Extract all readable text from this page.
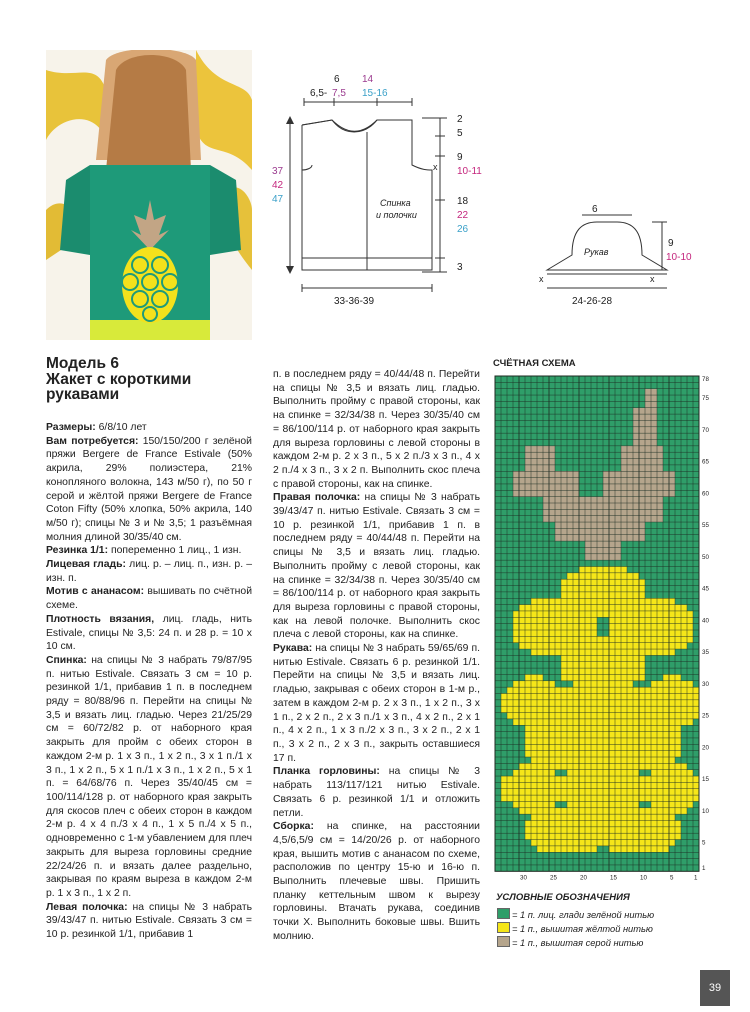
6 14
6,5- 7,5 15-16
2
5
9
10-11
18
22
26
3
37
42
47
33-36-39
Спинка
и полочки
x
6
Рукав
9
10-10
24-26-28
x	x
Модель 6
Жакет с короткими
рукавами

Размеры: 6/8/10 лет

Вам потребуется: 150/150/200 г зелёной пряжи Bergere de France Estivale (50% акрила, 29% полиэстера, 21% конопляного волокна, 143 м/50 г), по 50 г серой и жёлтой пряжи Bergere de France Coton Fifty (50% хлопка, 50% акрила, 140 м/50 г); спицы № 3 и № 3,5; 1 разъёмная молния длиной 30/35/40 см.

Резинка 1/1: попеременно 1 лиц., 1 изн.

Лицевая гладь: лиц. р. – лиц. п., изн. р. – изн. п.

Мотив с ананасом: вышивать по счётной схеме.

Плотность вязания, лиц. гладь, нить Estivale, спицы № 3,5: 24 п. и 28 р. = 10 x 10 см.

Спинка: на спицы № 3 набрать 79/87/95 п. нитью Estivale. Связать 3 см = 10 р. резинкой 1/1, прибавив 1 п. в последнем ряду = 80/88/96 п. Перейти на спицы № 3,5 и вязать лиц. гладью. Через 21/25/29 см = 60/72/82 р. от наборного края закрыть для пройм с обеих сторон в каждом 2-м р. 1 x 3 п., 1 x 2 п., 3 x 1 п./1 x 3 п., 1 x 2 п., 5 x 1 п./1 x 3 п., 1 x 2 п., 5 x 1 п. = 64/68/76 п. Через 35/40/45 см = 100/114/128 р. от наборного края закрыть для скосов плеч с обеих сторон в каждом 2-м р. 4 x 4 п./3 x 4 п., 1 x 5 п./4 x 5 п., одновременно с 1-м убавлением для плеч закрыть для выреза горловины средние 22/24/26 п. и вязать далее раздельно, закрывая по краям выреза в каждом 2-м р. 1 x 3 п., 1 x 2 п.

Левая полочка: на спицы № 3 набрать 39/43/47 п. нитью Estivale. Связать 3 см = 10 р. резинкой 1/1, прибавив 1

п. в последнем ряду = 40/44/48 п. Перейти на спицы № 3,5 и вязать лиц. гладью. Выполнить пройму с правой стороны, как на спинке = 32/34/38 п. Через 30/35/40 см = 86/100/114 р. от наборного края закрыть для выреза горловины с левой стороны в каждом 2-м р. 2 x 3 п., 5 x 2 п./3 x 3 п., 4 x 2 п./4 x 3 п., 3 x 2 п. Выполнить скос плеча с правой стороны, как на спинке.

Правая полочка: на спицы № 3 набрать 39/43/47 п. нитью Estivale. Связать 3 см = 10 р. резинкой 1/1, прибавив 1 п. в последнем ряду = 40/44/48 п. Перейти на спицы № 3,5 и вязать лиц. гладью. Выполнить пройму с левой стороны, как на спинке = 32/34/38 п. Через 30/35/40 см = 86/100/114 р. от наборного края закрыть для выреза горловины с правой стороны, как на левой полочке. Выполнить скос плеча с левой стороны, как на спинке.

Рукава: на спицы № 3 набрать 59/65/69 п. нитью Estivale. Связать 6 р. резинкой 1/1. Перейти на спицы № 3,5 и вязать лиц. гладью, закрывая с обеих сторон в 1-м р., затем в каждом 2-м р. 2 x 3 п., 1 x 2 п., 3 x 1 п., 2 x 2 п., 2 x 3 п./1 x 3 п., 4 x 2 п., 2 x 1 п., 4 x 2 п., 1 x 3 п./2 x 3 п., 3 x 2 п., 2 x 1 п., 3 x 2 п., 2 x 3 п., закрыть оставшиеся 17 п.

Планка горловины: на спицы № 3 набрать 113/117/121 нитью Estivale. Связать 6 р. резинкой 1/1 и отложить петли.

Сборка: на спинке, на расстоянии 4,5/6,5/9 см = 14/20/26 р. от наборного края, вышить мотив с ананасом по схеме, расположив по центру 15-ю и 16-ю п. Выполнить плечевые швы. Пришить планку кеттельным швом к вырезу горловины. Втачать рукава, соединив точки X. Выполнить боковые швы. Вшить молнию.

СЧЁТНАЯ СХЕМА
78
75
70
65
60
55
50
45
40
35
30
25
20
15
10
5
1
30	25	20	15	10	5	1
УСЛОВНЫЕ ОБОЗНАЧЕНИЯ
= 1 п. лиц. глади зелёной нитью
= 1 п., вышитая жёлтой нитью
= 1 п., вышитая серой нитью
39
